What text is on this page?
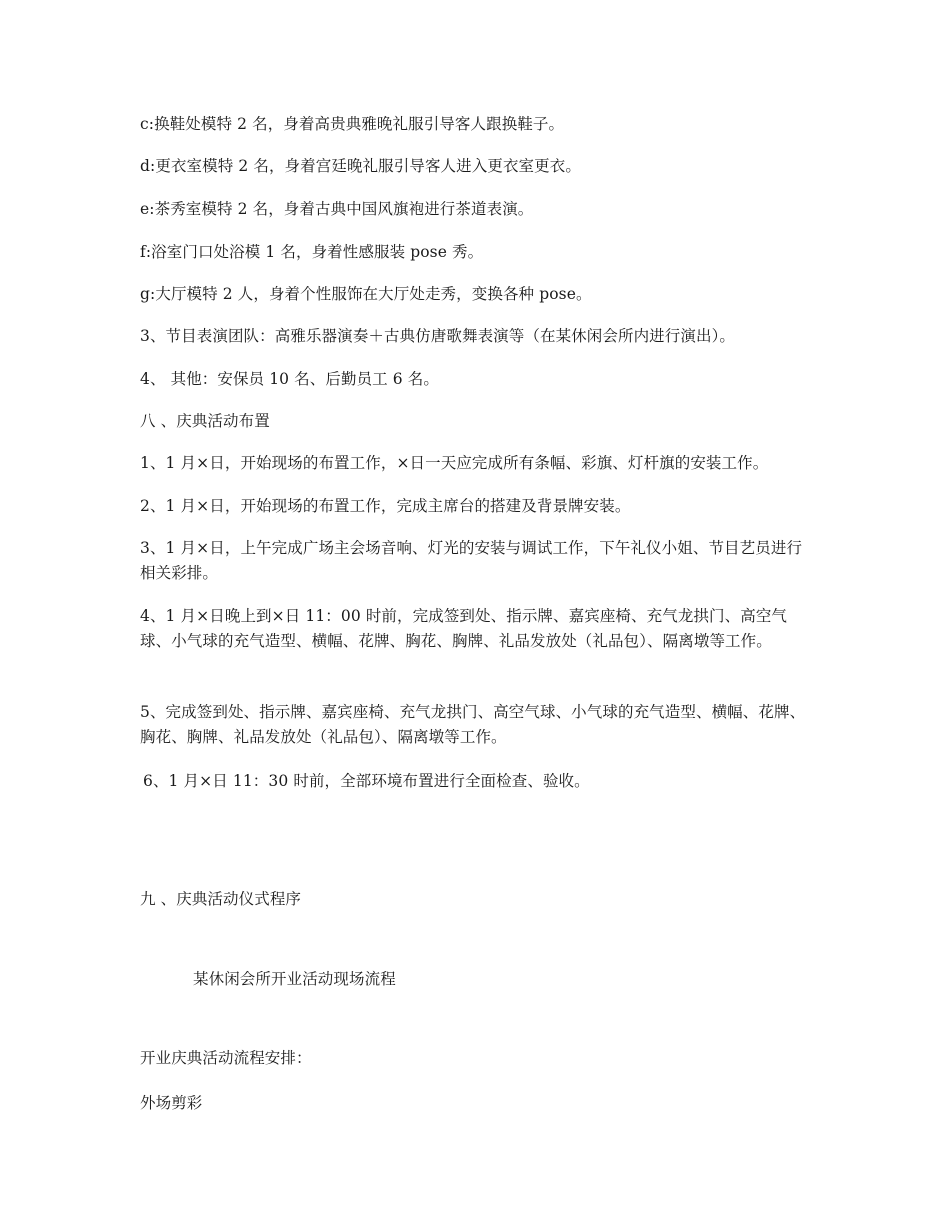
c:换鞋处模特 2 名，身着高贵典雅晚礼服引导客人跟换鞋子。

d:更衣室模特 2 名，身着宫廷晚礼服引导客人进入更衣室更衣。

e:茶秀室模特 2 名，身着古典中国风旗袍进行茶道表演。

f:浴室门口处浴模 1 名，身着性感服装 pose 秀。

g:大厅模特 2 人，身着个性服饰在大厅处走秀，变换各种 pose。

3、节目表演团队：高雅乐器演奏＋古典仿唐歌舞表演等（在某休闲会所内进行演出）。

4、 其他：安保员 10 名、后勤员工 6 名。

八 、庆典活动布置

1、1 月×日，开始现场的布置工作，×日一天应完成所有条幅、彩旗、灯杆旗的安装工作。

2、1 月×日，开始现场的布置工作，完成主席台的搭建及背景牌安装。

3、1 月×日，上午完成广场主会场音响、灯光的安装与调试工作，下午礼仪小姐、节目艺员进行相关彩排。

4、1 月×日晚上到×日 11：00 时前，完成签到处、指示牌、嘉宾座椅、充气龙拱门、高空气球、小气球的充气造型、横幅、花牌、胸花、胸牌、礼品发放处（礼品包）、隔离墩等工作。

5、完成签到处、指示牌、嘉宾座椅、充气龙拱门、高空气球、小气球的充气造型、横幅、花牌、胸花、胸牌、礼品发放处（礼品包）、隔离墩等工作。

6、1 月×日 11：30 时前，全部环境布置进行全面检查、验收。

九 、庆典活动仪式程序

某休闲会所开业活动现场流程

开业庆典活动流程安排：

外场剪彩
